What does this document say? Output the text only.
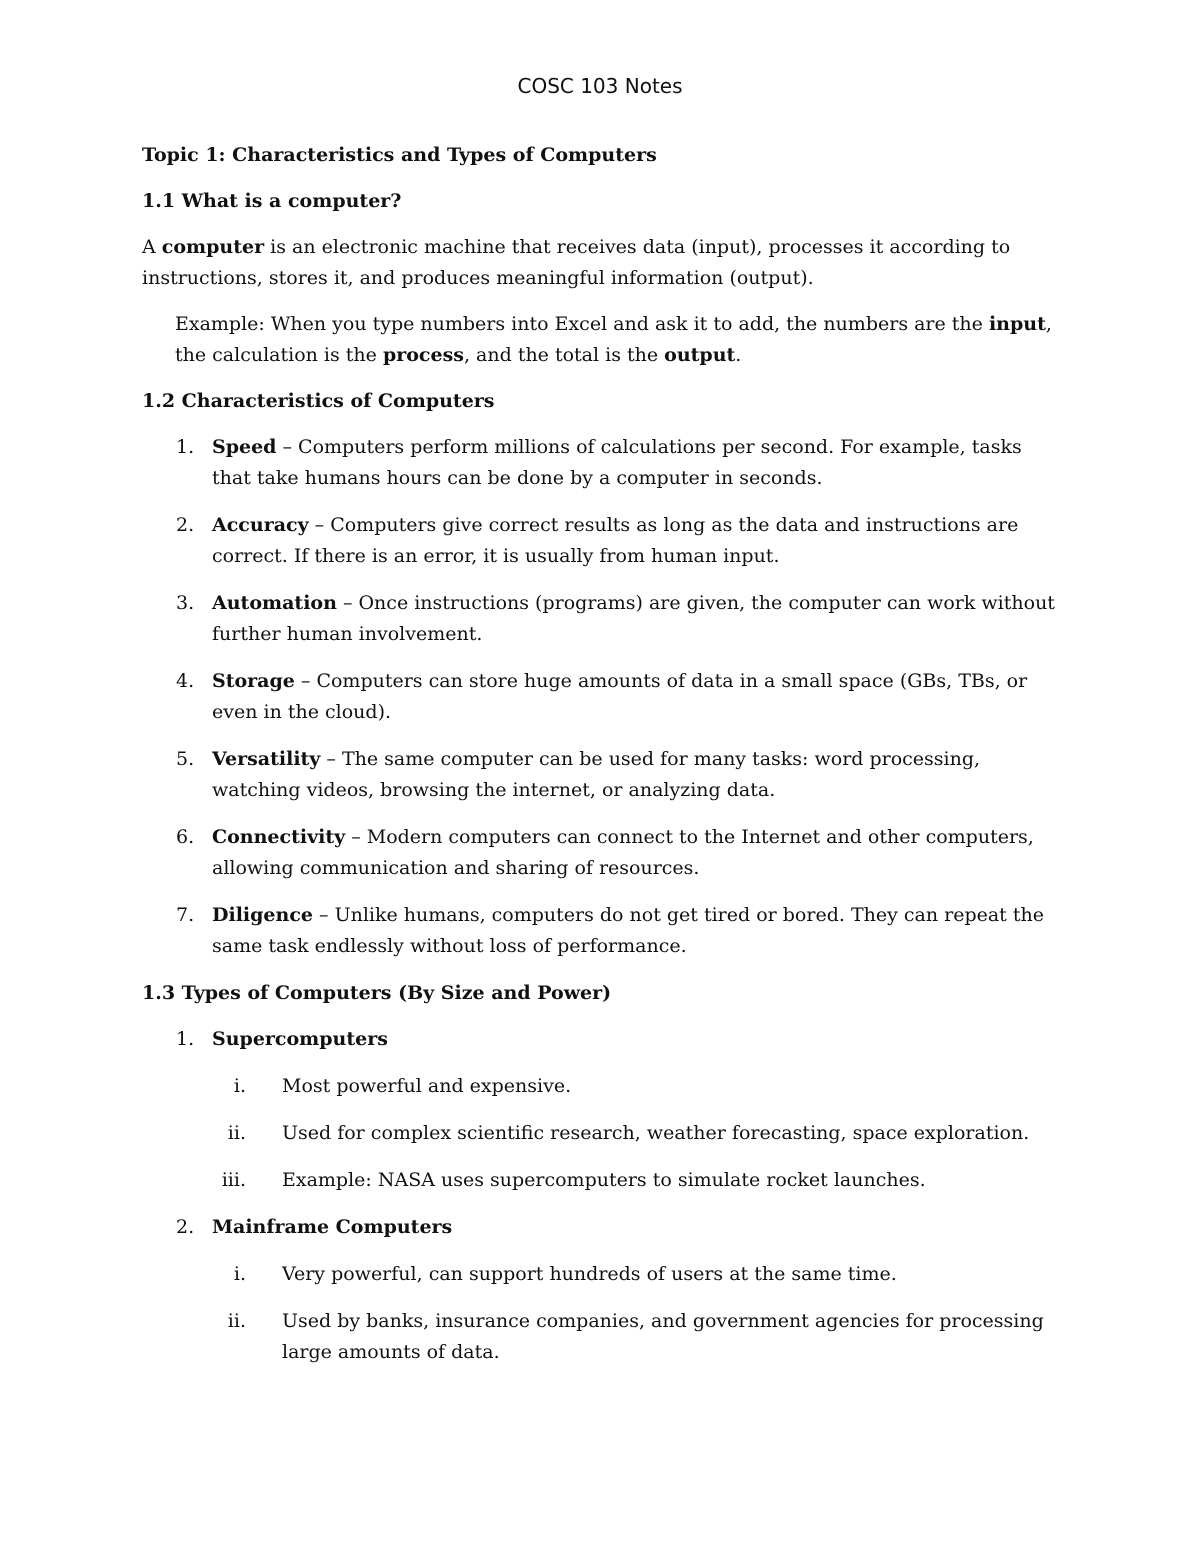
COSC 103 Notes

Topic 1: Characteristics and Types of Computers

1.1 What is a computer?

A computer is an electronic machine that receives data (input), processes it according to instructions, stores it, and produces meaningful information (output).

Example: When you type numbers into Excel and ask it to add, the numbers are the input, the calculation is the process, and the total is the output.

1.2 Characteristics of Computers

1. Speed – Computers perform millions of calculations per second. For example, tasks that take humans hours can be done by a computer in seconds.
2. Accuracy – Computers give correct results as long as the data and instructions are correct. If there is an error, it is usually from human input.
3. Automation – Once instructions (programs) are given, the computer can work without further human involvement.
4. Storage – Computers can store huge amounts of data in a small space (GBs, TBs, or even in the cloud).
5. Versatility – The same computer can be used for many tasks: word processing, watching videos, browsing the internet, or analyzing data.
6. Connectivity – Modern computers can connect to the Internet and other computers, allowing communication and sharing of resources.
7. Diligence – Unlike humans, computers do not get tired or bored. They can repeat the same task endlessly without loss of performance.

1.3 Types of Computers (By Size and Power)

1. Supercomputers
i.	Most powerful and expensive.
ii.	Used for complex scientific research, weather forecasting, space exploration.
iii.	Example: NASA uses supercomputers to simulate rocket launches.
2. Mainframe Computers
i.	Very powerful, can support hundreds of users at the same time.
ii.	Used by banks, insurance companies, and government agencies for processing large amounts of data.
